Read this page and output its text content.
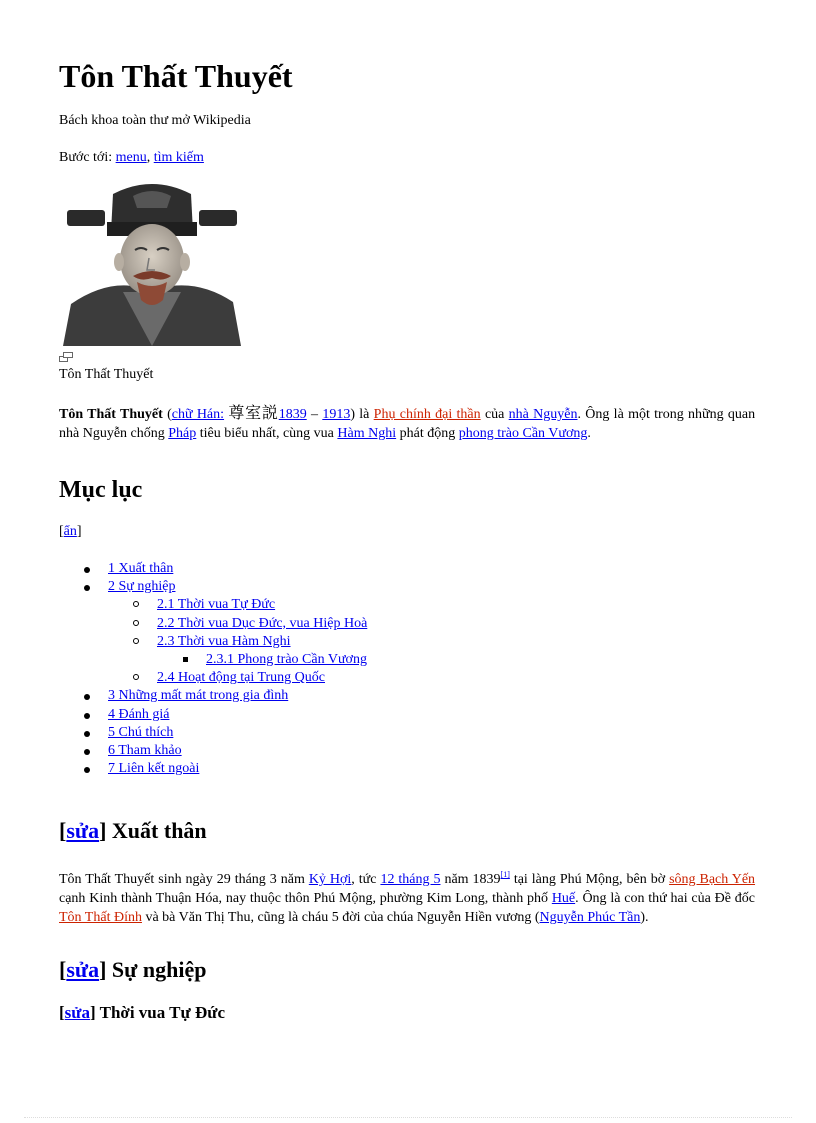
Tôn Thất Thuyết
Bách khoa toàn thư mở Wikipedia
Bước tới: menu, tìm kiếm
Tôn Thất Thuyết

Tôn Thất Thuyết (chữ Hán: 尊室説1839 – 1913) là Phụ chính đại thần của nhà Nguyễn. Ông là một trong những quan nhà Nguyễn chống Pháp tiêu biểu nhất, cùng vua Hàm Nghi phát động phong trào Cần Vương.

Mục lục
[ẩn]
1 Xuất thân
2 Sự nghiệp
2.1 Thời vua Tự Đức
2.2 Thời vua Dục Đức, vua Hiệp Hoà
2.3 Thời vua Hàm Nghi
2.3.1 Phong trào Cần Vương
2.4 Hoạt động tại Trung Quốc
3 Những mất mát trong gia đình
4 Đánh giá
5 Chú thích
6 Tham khảo
7 Liên kết ngoài
[sửa] Xuất thân

Tôn Thất Thuyết sinh ngày 29 tháng 3 năm Kỷ Hợi, tức 12 tháng 5 năm 1839[1] tại làng Phú Mộng, bên bờ sông Bạch Yến cạnh Kinh thành Thuận Hóa, nay thuộc thôn Phú Mộng, phường Kim Long, thành phố Huế. Ông là con thứ hai của Đề đốc Tôn Thất Đính và bà Văn Thị Thu, cũng là cháu 5 đời của chúa Nguyễn Hiền vương (Nguyễn Phúc Tần).

[sửa] Sự nghiệp
[sửa] Thời vua Tự Đức
